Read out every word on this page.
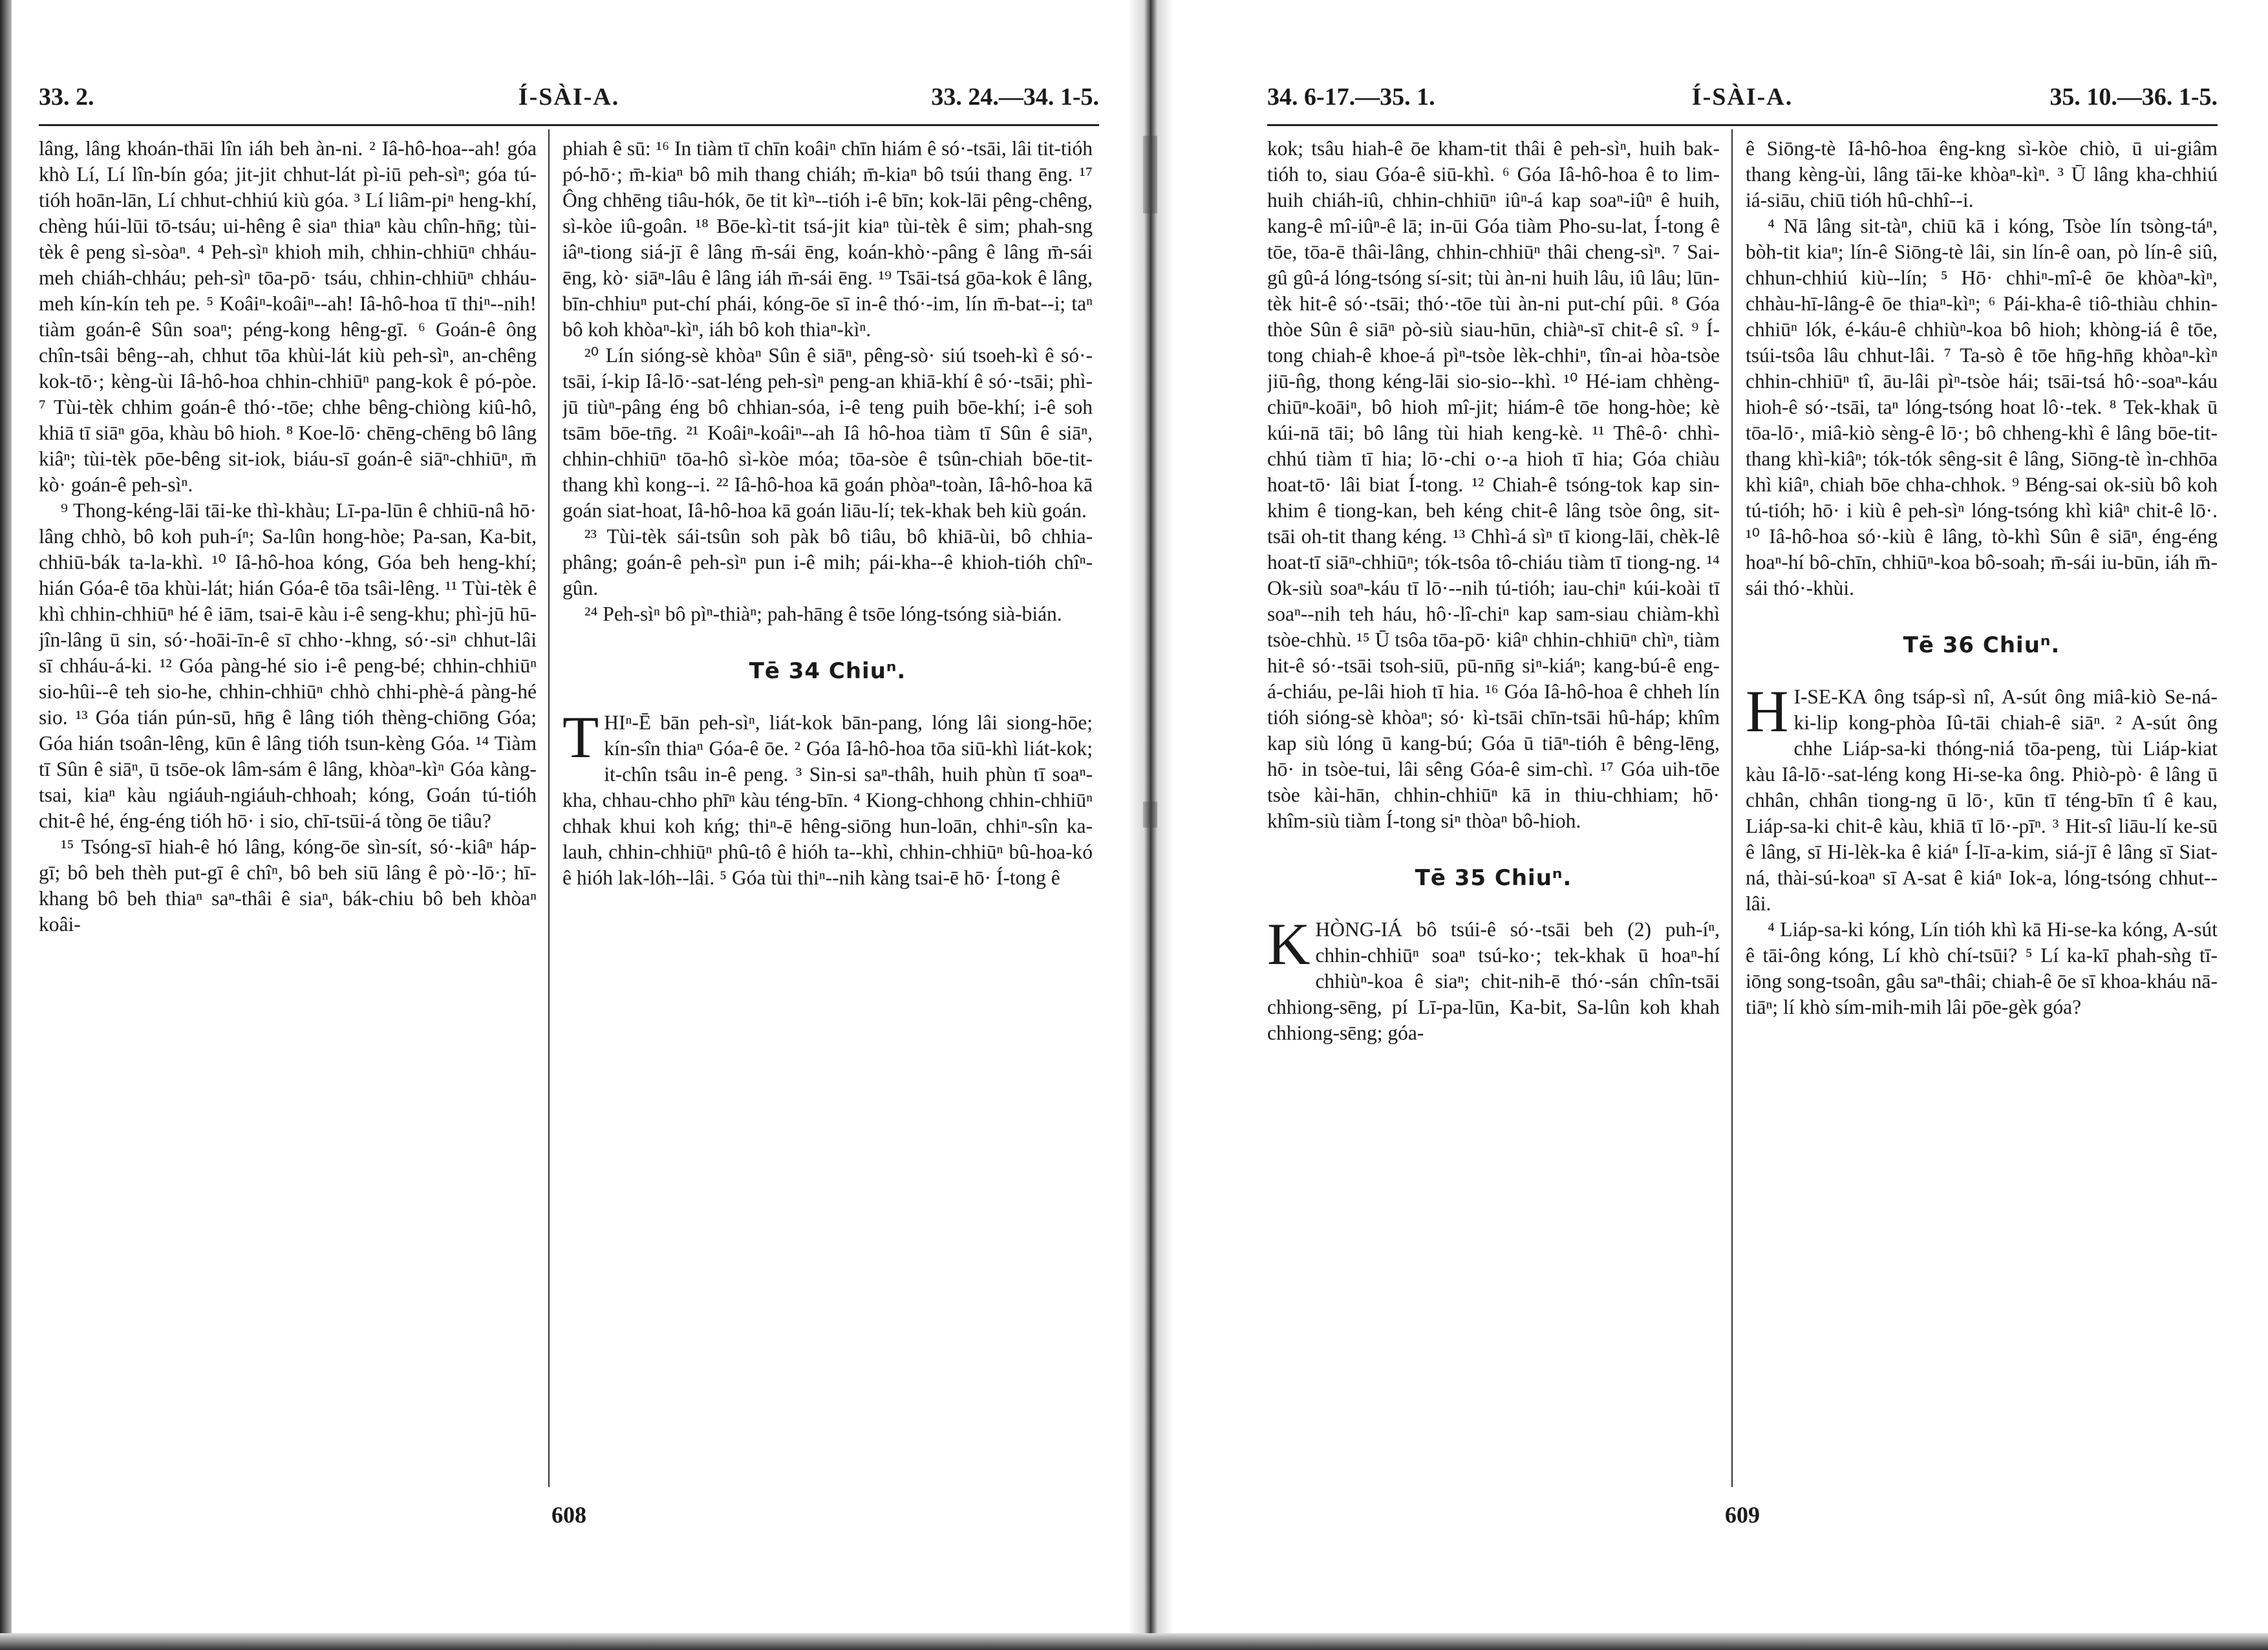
33. 2.	Í-SÀI-A.	33. 24.—34. 1-5.

lâng, lâng khoán-thāi lîn iáh beh àn-ni. ² Iâ-hô-hoa--ah! góa khò Lí, Lí lîn-bín góa; jit-jit chhut-lát pì-iū peh-sìⁿ; góa tú-tióh hoān-lān, Lí chhut-chhiú kiù góa. ³ Lí liâm-piⁿ heng-khí, chèng húi-lūi tō-tsáu; ui-hêng ê siaⁿ thiaⁿ kàu chîn-hn̄g; tùi-tèk ê peng sì-sòaⁿ. ⁴ Peh-sìⁿ khioh mih, chhin-chhiūⁿ chháu-meh chiáh-chháu; peh-sìⁿ tōa-pō· tsáu, chhin-chhiūⁿ chháu-meh kín-kín teh pe. ⁵ Koâiⁿ-koâiⁿ--ah! Iâ-hô-hoa tī thiⁿ--nih! tiàm goán-ê Sûn soaⁿ; péng-kong hêng-gī. ⁶ Goán-ê ông chîn-tsâi bêng--ah, chhut tōa khùi-lát kiù peh-sìⁿ, an-chêng kok-tō·; kèng-ùi Iâ-hô-hoa chhin-chhiūⁿ pang-kok ê pó-pòe. ⁷ Tùi-tèk chhim goán-ê thó·-tōe; chhe bêng-chiòng kiû-hô, khiā tī siāⁿ gōa, khàu bô hioh. ⁸ Koe-lō· chēng-chēng bô lâng kiâⁿ; tùi-tèk pōe-bêng sit-iok, biáu-sī goán-ê siāⁿ-chhiūⁿ, m̄ kò· goán-ê peh-sìⁿ.

⁹ Thong-kéng-lāi tāi-ke thì-khàu; Lī-pa-lūn ê chhiū-nâ hō· lâng chhò, bô koh puh-íⁿ; Sa-lûn hong-hòe; Pa-san, Ka-bit, chhiū-bák ta-la-khì. ¹⁰ Iâ-hô-hoa kóng, Góa beh heng-khí; hián Góa-ê tōa khùi-lát; hián Góa-ê tōa tsâi-lêng. ¹¹ Tùi-tèk ê khì chhin-chhiūⁿ hé ê iām, tsai-ē kàu i-ê seng-khu; phì-jū hū-jîn-lâng ū sin, só·-hoāi-īn-ê sī chho·-khng, só·-siⁿ chhut-lâi sī chháu-á-ki. ¹² Góa pàng-hé sio i-ê peng-bé; chhin-chhiūⁿ sio-hûi--ê teh sio-he, chhin-chhiūⁿ chhò chhi-phè-á pàng-hé sio. ¹³ Góa tián pún-sū, hn̄g ê lâng tióh thèng-chiōng Góa; Góa hián tsoân-lêng, kūn ê lâng tióh tsun-kèng Góa. ¹⁴ Tiàm tī Sûn ê siāⁿ, ū tsōe-ok lâm-sám ê lâng, khòaⁿ-kìⁿ Góa kàng-tsai, kiaⁿ kàu ngiáuh-ngiáuh-chhoah; kóng, Goán tú-tióh chit-ê hé, éng-éng tióh hō· i sio, chī-tsūi-á tòng ōe tiâu?

¹⁵ Tsóng-sī hiah-ê hó lâng, kóng-ōe sìn-sít, só·-kiâⁿ háp-gī; bô beh thèh put-gī ê chîⁿ, bô beh siū lâng ê pò·-lō·; hī-khang bô beh thiaⁿ saⁿ-thâi ê siaⁿ, bák-chiu bô beh khòaⁿ koâi-

phiah ê sū: ¹⁶ In tiàm tī chīn koâiⁿ chīn hiám ê só·-tsāi, lâi tit-tióh pó-hō·; m̄-kiaⁿ bô mih thang chiáh; m̄-kiaⁿ bô tsúi thang ēng. ¹⁷ Ông chhēng tiâu-hók, ōe tit kìⁿ--tióh i-ê bīn; kok-lāi pêng-chêng, sì-kòe iû-goân. ¹⁸ Bōe-kì-tit tsá-jit kiaⁿ tùi-tèk ê sim; phah-sng iâⁿ-tiong siá-jī ê lâng m̄-sái ēng, koán-khò·-pâng ê lâng m̄-sái ēng, kò· siāⁿ-lâu ê lâng iáh m̄-sái ēng. ¹⁹ Tsāi-tsá gōa-kok ê lâng, bīn-chhiuⁿ put-chí phái, kóng-ōe sī in-ê thó·-im, lín m̄-bat--i; taⁿ bô koh khòaⁿ-kìⁿ, iáh bô koh thiaⁿ-kìⁿ.

²⁰ Lín sióng-sè khòaⁿ Sûn ê siāⁿ, pêng-sò· siú tsoeh-kì ê só·-tsāi, í-kip Iâ-lō·-sat-léng peh-sìⁿ peng-an khiā-khí ê só·-tsāi; phì-jū tiùⁿ-pâng éng bô chhian-sóa, i-ê teng puih bōe-khí; i-ê soh tsām bōe-tn̄g. ²¹ Koâiⁿ-koâiⁿ--ah Iâ hô-hoa tiàm tī Sûn ê siāⁿ, chhin-chhiūⁿ tōa-hô sì-kòe móa; tōa-sòe ê tsûn-chiah bōe-tit-thang khì kong--i. ²² Iâ-hô-hoa kā goán phòaⁿ-toàn, Iâ-hô-hoa kā goán siat-hoat, Iâ-hô-hoa kā goán liāu-lí; tek-khak beh kiù goán.

²³ Tùi-tèk sái-tsûn soh pàk bô tiâu, bô khiā-ùi, bô chhia-phâng; goán-ê peh-sìⁿ pun i-ê mih; pái-kha--ê khioh-tióh chîⁿ-gûn.

²⁴ Peh-sìⁿ bô pìⁿ-thiàⁿ; pah-hāng ê tsōe lóng-tsóng sià-bián.

Tē 34 Chiuⁿ.

THIⁿ-Ē bān peh-sìⁿ, liát-kok bān-pang, lóng lâi siong-hōe; kín-sîn thiaⁿ Góa-ê ōe. ² Góa Iâ-hô-hoa tōa siū-khì liát-kok; it-chîn tsâu in-ê peng. ³ Sin-si saⁿ-thâh, huih phùn tī soaⁿ-kha, chhau-chho phīⁿ kàu téng-bīn. ⁴ Kiong-chhong chhin-chhiūⁿ chhak khui koh kńg; thiⁿ-ē hêng-siōng hun-loān, chhiⁿ-sîn ka-lauh, chhin-chhiūⁿ phû-tô ê hióh ta--khì, chhin-chhiūⁿ bû-hoa-kó ê hióh lak-lóh--lâi. ⁵ Góa tùi thiⁿ--nih kàng tsai-ē hō· Í-tong ê

608
34. 6-17.—35. 1.	Í-SÀI-A.	35. 10.—36. 1-5.

kok; tsâu hiah-ê ōe kham-tit thâi ê peh-sìⁿ, huih bak-tióh to, siau Góa-ê siū-khì. ⁶ Góa Iâ-hô-hoa ê to lim-huih chiáh-iû, chhin-chhiūⁿ iûⁿ-á kap soaⁿ-iûⁿ ê huih, kang-ê mî-iûⁿ-ê lā; in-ūi Góa tiàm Pho-su-lat, Í-tong ê tōe, tōa-ē thâi-lâng, chhin-chhiūⁿ thâi cheng-sìⁿ. ⁷ Sai-gû gû-á lóng-tsóng sí-sit; tùi àn-ni huih lâu, iû lâu; lūn-tèk hit-ê só·-tsāi; thó·-tōe tùi àn-ni put-chí pûi. ⁸ Góa thòe Sûn ê siāⁿ pò-siù siau-hūn, chiàⁿ-sī chit-ê sî. ⁹ Í-tong chiah-ê khoe-á pìⁿ-tsòe lèk-chhiⁿ, tîn-ai hòa-tsòe jiū-n̂g, thong kéng-lāi sio-sio--khì. ¹⁰ Hé-iam chhèng-chiūⁿ-koāiⁿ, bô hioh mî-jit; hiám-ê tōe hong-hòe; kè kúi-nā tāi; bô lâng tùi hiah keng-kè. ¹¹ Thê-ô· chhì-chhú tiàm tī hia; lō·-chi o·-a hioh tī hia; Góa chiàu hoat-tō· lâi biat Í-tong. ¹² Chiah-ê tsóng-tok kap sin-khim ê tiong-kan, beh kéng chit-ê lâng tsòe ông, sit-tsāi oh-tit thang kéng. ¹³ Chhì-á sìⁿ tī kiong-lāi, chèk-lê hoat-tī siāⁿ-chhiūⁿ; tók-tsôa tô-chiáu tiàm tī tiong-ng. ¹⁴ Ok-siù soaⁿ-káu tī lō·--nih tú-tióh; iau-chiⁿ kúi-koài tī soaⁿ--nih teh háu, hô·-lî-chiⁿ kap sam-siau chiàm-khì tsòe-chhù. ¹⁵ Ū tsôa tōa-pō· kiâⁿ chhin-chhiūⁿ chìⁿ, tiàm hit-ê só·-tsāi tsoh-siū, pū-nn̄g siⁿ-kiáⁿ; kang-bú-ê eng-á-chiáu, pe-lâi hioh tī hia. ¹⁶ Góa Iâ-hô-hoa ê chheh lín tióh sióng-sè khòaⁿ; só· kì-tsāi chīn-tsāi hû-háp; khîm kap siù lóng ū kang-bú; Góa ū tiāⁿ-tióh ê bêng-lēng, hō· in tsòe-tui, lâi sêng Góa-ê sim-chì. ¹⁷ Góa uih-tōe tsòe kài-hān, chhin-chhiūⁿ kā in thiu-chhiam; hō· khîm-siù tiàm Í-tong siⁿ thòaⁿ bô-hioh.

Tē 35 Chiuⁿ.

KHÒNG-IÁ bô tsúi-ê só·-tsāi beh (2) puh-íⁿ, chhin-chhiūⁿ soaⁿ tsú-ko·; tek-khak ū hoaⁿ-hí chhiùⁿ-koa ê siaⁿ; chit-nih-ē thó·-sán chîn-tsāi chhiong-sēng, pí Lī-pa-lūn, Ka-bit, Sa-lûn koh khah chhiong-sēng; góa-

ê Siōng-tè Iâ-hô-hoa êng-kng sì-kòe chiò, ū ui-giâm thang kèng-ùi, lâng tāi-ke khòaⁿ-kìⁿ. ³ Ū lâng kha-chhiú iá-siāu, chiū tióh hû-chhî--i.

⁴ Nā lâng sit-tàⁿ, chiū kā i kóng, Tsòe lín tsòng-táⁿ, bòh-tit kiaⁿ; lín-ê Siōng-tè lâi, sin lín-ê oan, pò lín-ê siû, chhun-chhiú kiù--lín; ⁵ Hō· chhiⁿ-mî-ê ōe khòaⁿ-kìⁿ, chhàu-hī-lâng-ê ōe thiaⁿ-kìⁿ; ⁶ Pái-kha-ê tiô-thiàu chhin-chhiūⁿ lók, é-káu-ê chhiùⁿ-koa bô hioh; khòng-iá ê tōe, tsúi-tsôa lâu chhut-lâi. ⁷ Ta-sò ê tōe hn̄g-hn̄g khòaⁿ-kìⁿ chhin-chhiūⁿ tî, āu-lâi pìⁿ-tsòe hái; tsāi-tsá hô·-soaⁿ-káu hioh-ê só·-tsāi, taⁿ lóng-tsóng hoat lô·-tek. ⁸ Tek-khak ū tōa-lō·, miâ-kiò sèng-ê lō·; bô chheng-khì ê lâng bōe-tit-thang khì-kiâⁿ; tók-tók sêng-sit ê lâng, Siōng-tè ìn-chhōa khì kiâⁿ, chiah bōe chha-chhok. ⁹ Béng-sai ok-siù bô koh tú-tióh; hō· i kiù ê peh-sìⁿ lóng-tsóng khì kiâⁿ chit-ê lō·. ¹⁰ Iâ-hô-hoa só·-kiù ê lâng, tò-khì Sûn ê siāⁿ, éng-éng hoaⁿ-hí bô-chīn, chhiūⁿ-koa bô-soah; m̄-sái iu-būn, iáh m̄-sái thó·-khùi.

Tē 36 Chiuⁿ.

H I-SE-KA ông tsáp-sì nî, A-sút ông miâ-kiò Se-ná-ki-lip kong-phòa Iû-tāi chiah-ê siāⁿ. ² A-sút ông chhe Liáp-sa-ki thóng-niá tōa-peng, tùi Liáp-kiat kàu Iâ-lō·-sat-léng kong Hi-se-ka ông. Phiò-pò· ê lâng ū chhân, chhân tiong-ng ū lō·, kūn tī téng-bīn tî ê kau, Liáp-sa-ki chit-ê kàu, khiā tī lō·-pīⁿ. ³ Hit-sî liāu-lí ke-sū ê lâng, sī Hi-lèk-ka ê kiáⁿ Í-lī-a-kim, siá-jī ê lâng sī Siat-ná, thài-sú-koaⁿ sī A-sat ê kiáⁿ Iok-a, lóng-tsóng chhut--lâi.

⁴ Liáp-sa-ki kóng, Lín tióh khì kā Hi-se-ka kóng, A-sút ê tāi-ông kóng, Lí khò chí-tsūi? ⁵ Lí ka-kī phah-sǹg tī-iōng song-tsoân, gâu saⁿ-thâi; chiah-ê ōe sī khoa-kháu nā-tiāⁿ; lí khò sím-mih-mih lâi pōe-gèk góa?

609
